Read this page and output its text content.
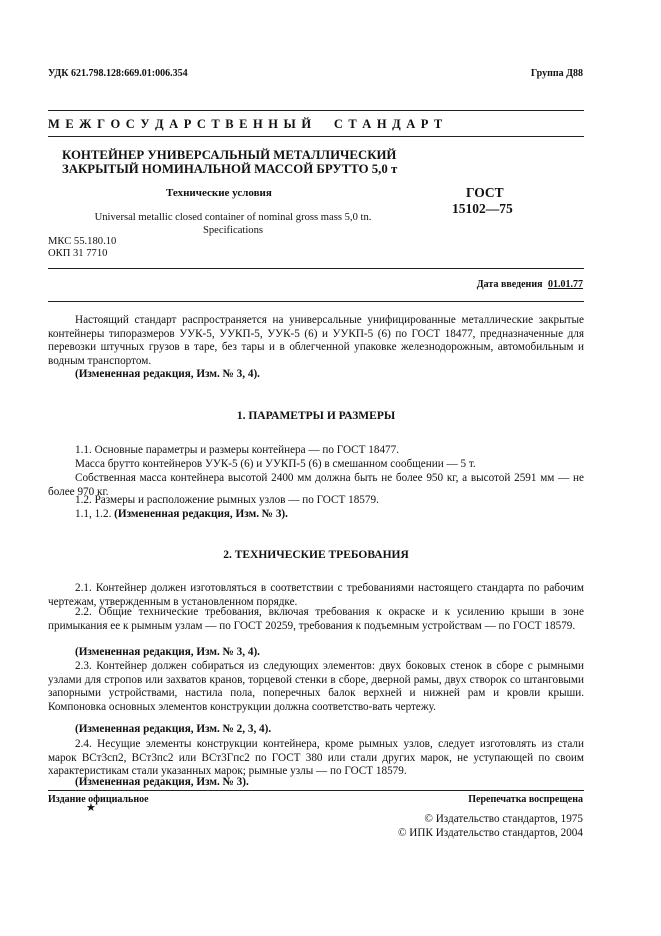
УДК 621.798.128:669.01:006.354	Группа Д88
М Е Ж Г О С У Д А Р С Т В Е Н Н Ы Й     С Т А Н Д А Р Т
КОНТЕЙНЕР УНИВЕРСАЛЬНЫЙ МЕТАЛЛИЧЕСКИЙ
ЗАКРЫТЫЙ НОМИНАЛЬНОЙ МАССОЙ БРУТТО 5,0 т
Технические условия
Universal metallic closed container of nominal gross mass 5,0 tn.
Specifications
МКС 55.180.10
ОКП 31 7710
ГОСТ
15102—75
Дата введения 01.01.77
Настоящий стандарт распространяется на универсальные унифицированные металлические закрытые контейнеры типоразмеров УУК-5, УУКП-5, УУК-5 (6) и УУКП-5 (6) по ГОСТ 18477, предназначенные для перевозки штучных грузов в таре, без тары и в облегченной упаковке железнодорожным, автомобильным и водным транспортом.
(Измененная редакция, Изм. № 3, 4).
1. ПАРАМЕТРЫ И РАЗМЕРЫ
1.1. Основные параметры и размеры контейнера — по ГОСТ 18477.
Масса брутто контейнеров УУК-5 (6) и УУКП-5 (6) в смешанном сообщении — 5 т.
Собственная масса контейнера высотой 2400 мм должна быть не более 950 кг, а высотой 2591 мм — не более 970 кг.
1.2. Размеры и расположение рымных узлов — по ГОСТ 18579.
1.1, 1.2. (Измененная редакция, Изм. № 3).
2. ТЕХНИЧЕСКИЕ ТРЕБОВАНИЯ
2.1. Контейнер должен изготовляться в соответствии с требованиями настоящего стандарта по рабочим чертежам, утвержденным в установленном порядке.
2.2. Общие технические требования, включая требования к окраске и к усилению крыши в зоне примыкания ее к рымным узлам — по ГОСТ 20259, требования к подъемным устройствам — по ГОСТ 18579.
(Измененная редакция, Изм. № 3, 4).
2.3. Контейнер должен собираться из следующих элементов: двух боковых стенок в сборе с рымными узлами для стропов или захватов кранов, торцевой стенки в сборе, дверной рамы, двух створок со штанговыми запорными устройствами, настила пола, поперечных балок верхней и нижней рам и кровли крыши. Компоновка основных элементов конструкции должна соответство-вать чертежу.
(Измененная редакция, Изм. № 2, 3, 4).
2.4. Несущие элементы конструкции контейнера, кроме рымных узлов, следует изготовлять из стали марок ВСт3сп2, ВСт3пс2 или ВСт3Гпс2 по ГОСТ 380 или стали других марок, не уступающей по своим характеристикам стали указанных марок; рымные узлы — по ГОСТ 18579.
(Измененная редакция, Изм. № 3).
Издание официальное
★
Перепечатка воспрещена
© Издательство стандартов, 1975
© ИПК Издательство стандартов, 2004
